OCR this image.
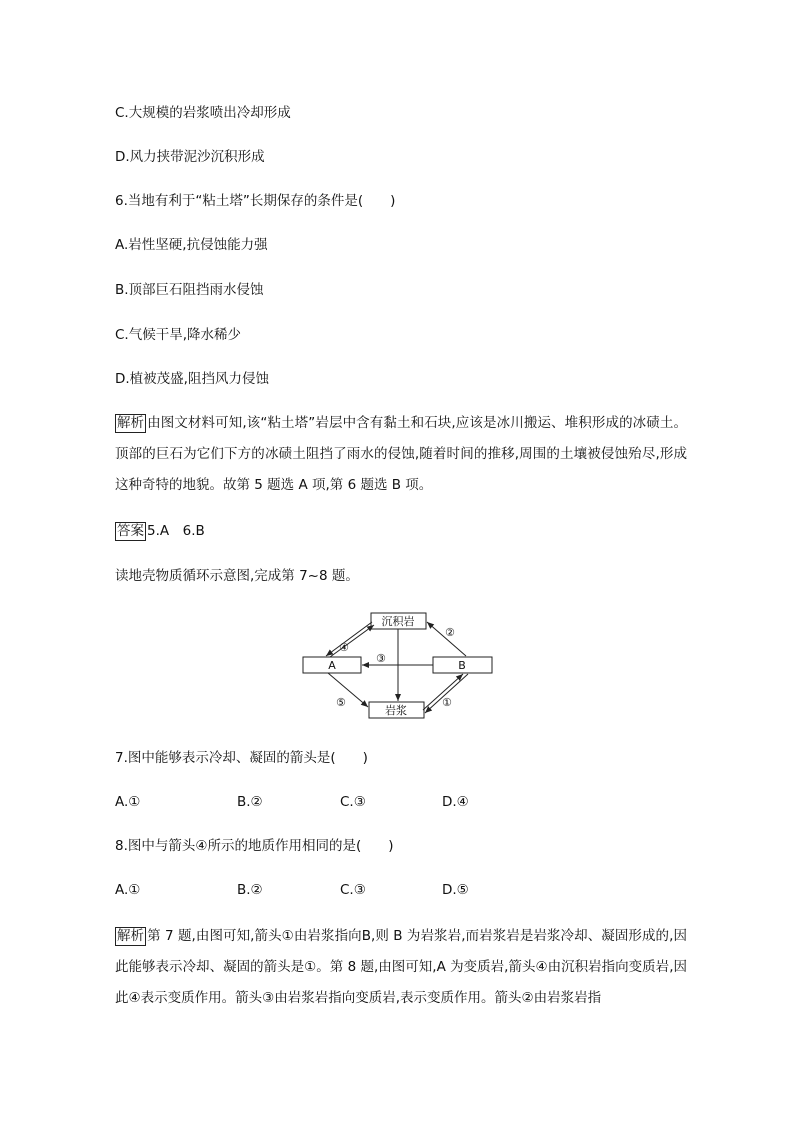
C.大规模的岩浆喷出冷却形成
D.风力挟带泥沙沉积形成
6.当地有利于“粘土塔”长期保存的条件是(　　)
A.岩性坚硬,抗侵蚀能力强
B.顶部巨石阻挡雨水侵蚀
C.气候干旱,降水稀少
D.植被茂盛,阻挡风力侵蚀
解析 由图文材料可知,该“粘土塔”岩层中含有黏土和石块,应该是冰川搬运、堆积形成的冰碛土。顶部的巨石为它们下方的冰碛土阻挡了雨水的侵蚀,随着时间的推移,周围的土壤被侵蚀殆尽,形成这种奇特的地貌。故第 5 题选 A 项,第 6 题选 B 项。
答案 5.A　6.B
读地壳物质循环示意图,完成第 7~8 题。
沉积岩
A	B
岩浆
④
②
③
⑤	①
7.图中能够表示冷却、凝固的箭头是(　　)
A.①	B.②	C.③	D.④
8.图中与箭头④所示的地质作用相同的是(　　)
A.①	B.②	C.③	D.⑤
解析 第 7 题,由图可知,箭头①由岩浆指向B,则 B 为岩浆岩,而岩浆岩是岩浆冷却、凝固形成的,因此能够表示冷却、凝固的箭头是①。第 8 题,由图可知,A 为变质岩,箭头④由沉积岩指向变质岩,因此④表示变质作用。箭头③由岩浆岩指向变质岩,表示变质作用。箭头②由岩浆岩指
